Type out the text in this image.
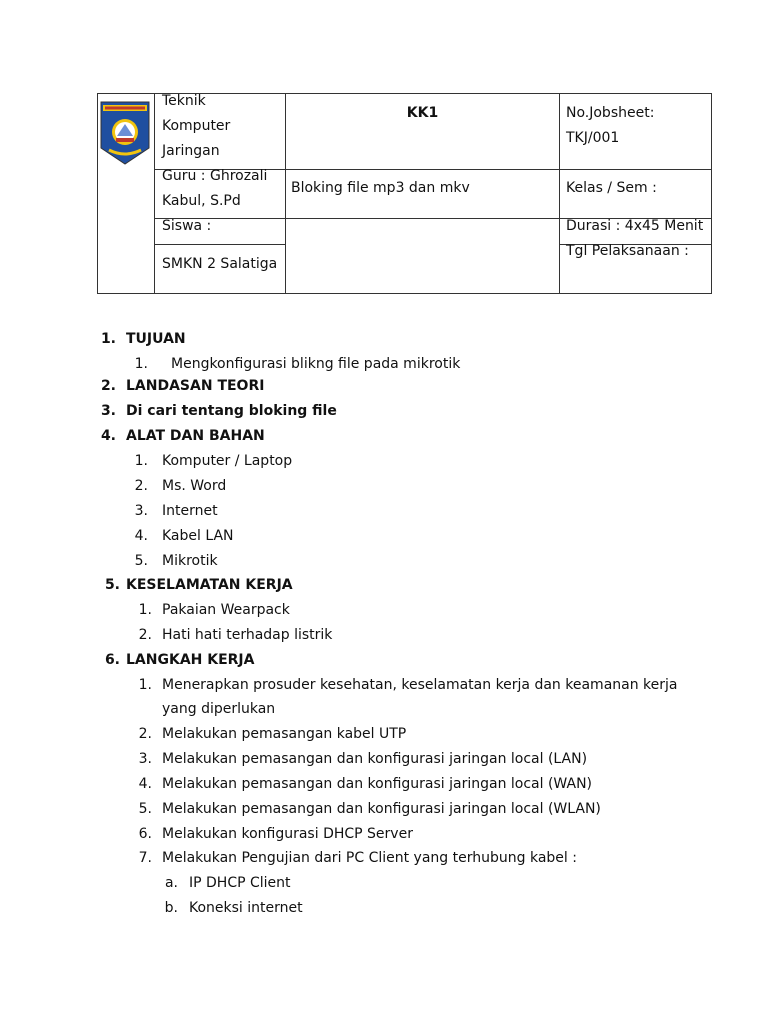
Teknik
Komputer
Jaringan
Guru : Ghrozali
Kabul, S.Pd
Siswa :
SMKN 2 Salatiga
KK1
Bloking file mp3 dan mkv
No.Jobsheet:
TKJ/001
Kelas / Sem :
Durasi : 4x45 Menit
Tgl Pelaksanaan :
1. TUJUAN
1. Mengkonfigurasi blikng file pada mikrotik
2. LANDASAN TEORI
3. Di cari tentang bloking file
4. ALAT DAN BAHAN
1. Komputer / Laptop
2. Ms. Word
3. Internet
4. Kabel LAN
5. Mikrotik
5. KESELAMATAN KERJA
1. Pakaian Wearpack
2. Hati hati terhadap listrik
6. LANGKAH KERJA
1. Menerapkan prosuder kesehatan, keselamatan kerja dan keamanan kerja
yang diperlukan
2. Melakukan pemasangan kabel UTP
3. Melakukan pemasangan dan konfigurasi jaringan local (LAN)
4. Melakukan pemasangan dan konfigurasi jaringan local (WAN)
5. Melakukan pemasangan dan konfigurasi jaringan local (WLAN)
6. Melakukan konfigurasi DHCP Server
7. Melakukan Pengujian dari PC Client yang terhubung kabel :
a. IP DHCP Client
b. Koneksi internet
